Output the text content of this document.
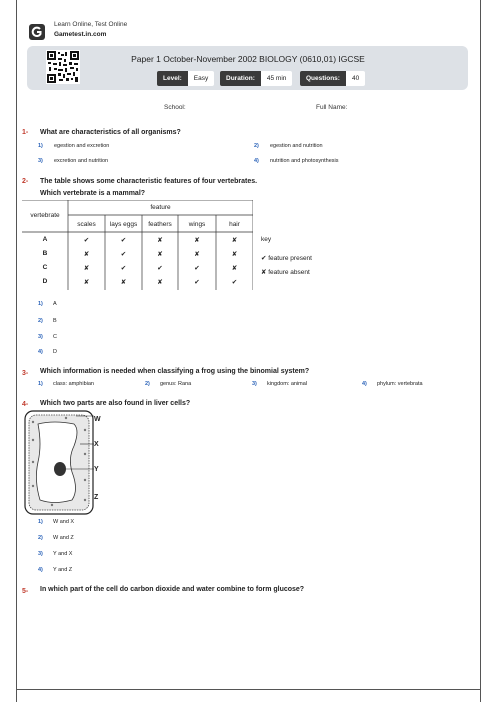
Learn Online, Test Online
Gametest.in.com
Paper 1 October-November 2002 BIOLOGY (0610,01) IGCSE
Level:	Easy	Duration:	45 min	Questions:	40
School:	Full Name:
1- What are characteristics of all organisms?
1) egestion and excretion	2) egestion and nutrition
3) excretion and nutrition	4) nutrition and photosynthesis
2- The table shows some characteristic features of four vertebrates.
Which vertebrate is a mammal?
vertebrate
feature
scales	lays eggs	feathers	wings	hair
A	✔	✔	✘	✘	✘
B	✘	✔	✘	✘	✘
C	✘	✔	✔	✔	✘
D	✘	✘	✘	✔	✔
key
✔ feature present
✘ feature absent
1) A
2) B
3) C
4) D
3- Which information is needed when classifying a frog using the binomial system?
1) class: amphibian	2) genus: Rana	3) kingdom: animal	4) phylum: vertebrata
4- Which two parts are also found in liver cells?
W
X
Y
Z
1) W and X
2) W and Z
3) Y and X
4) Y and Z
5- In which part of the cell do carbon dioxide and water combine to form glucose?
